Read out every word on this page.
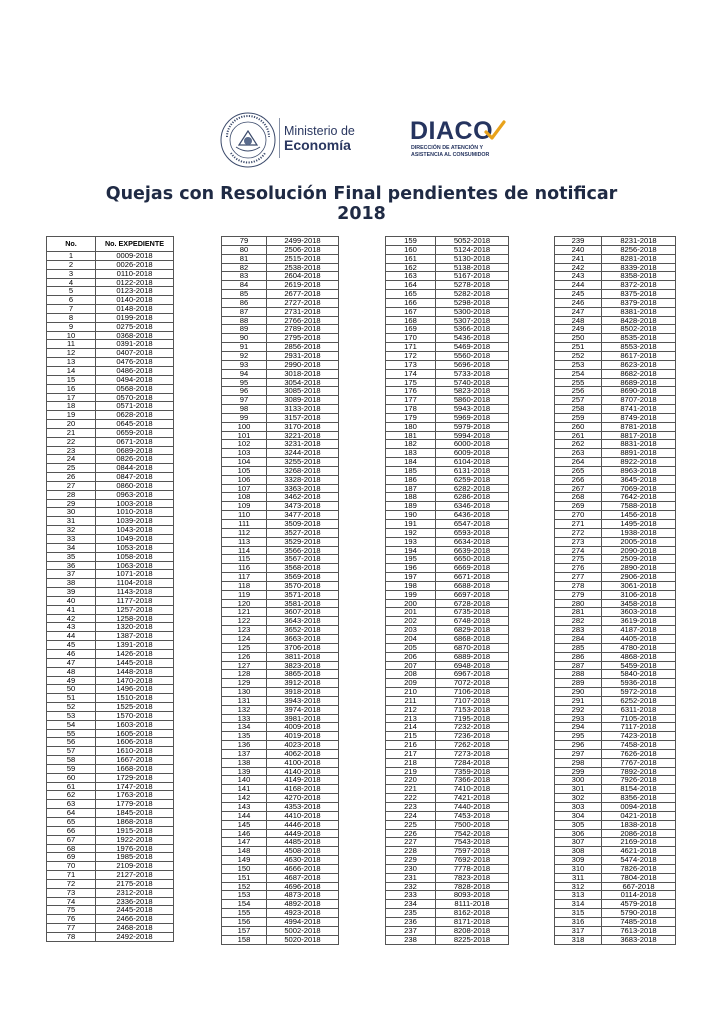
Ministerio de
Economía DIACO
DIRECCIÓN DE ATENCIÓN Y
ASISTENCIA AL CONSUMIDOR
Quejas con Resolución Final pendientes de notificar
2018
No.	No. EXPEDIENTE
1	0009-2018
2	0026-2018
3	0110-2018
4	0122-2018
5	0123-2018
6	0140-2018
7	0148-2018
8	0199-2018
9	0275-2018
10	0368-2018
11	0391-2018
12	0407-2018
13	0476-2018
14	0486-2018
15	0494-2018
16	0568-2018
17	0570-2018
18	0571-2018
19	0628-2018
20	0645-2018
21	0659-2018
22	0671-2018
23	0689-2018
24	0826-2018
25	0844-2018
26	0847-2018
27	0860-2018
28	0963-2018
29	1003-2018
30	1010-2018
31	1039-2018
32	1043-2018
33	1049-2018
34	1053-2018
35	1058-2018
36	1063-2018
37	1071-2018
38	1104-2018
39	1143-2018
40	1177-2018
41	1257-2018
42	1258-2018
43	1320-2018
44	1387-2018
45	1391-2018
46	1426-2018
47	1445-2018
48	1448-2018
49	1470-2018
50	1496-2018
51	1510-2018
52	1525-2018
53	1570-2018
54	1603-2018
55	1605-2018
56	1606-2018
57	1610-2018
58	1667-2018
59	1668-2018
60	1729-2018
61	1747-2018
62	1763-2018
63	1779-2018
64	1845-2018
65	1868-2018
66	1915-2018
67	1922-2018
68	1976-2018
69	1985-2018
70	2109-2018
71	2127-2018
72	2175-2018
73	2312-2018
74	2336-2018
75	2445-2018
76	2466-2018
77	2468-2018
78	2492-2018
79	2499-2018
80	2506-2018
81	2515-2018
82	2538-2018
83	2604-2018
84	2619-2018
85	2677-2018
86	2727-2018
87	2731-2018
88	2766-2018
89	2789-2018
90	2795-2018
91	2856-2018
92	2931-2018
93	2990-2018
94	3018-2018
95	3054-2018
96	3085-2018
97	3089-2018
98	3133-2018
99	3157-2018
100	3170-2018
101	3221-2018
102	3231-2018
103	3244-2018
104	3255-2018
105	3268-2018
106	3328-2018
107	3363-2018
108	3462-2018
109	3473-2018
110	3477-2018
111	3509-2018
112	3527-2018
113	3529-2018
114	3566-2018
115	3567-2018
116	3568-2018
117	3569-2018
118	3570-2018
119	3571-2018
120	3581-2018
121	3607-2018
122	3643-2018
123	3652-2018
124	3663-2018
125	3706-2018
126	3811-2018
127	3823-2018
128	3865-2018
129	3912-2018
130	3918-2018
131	3943-2018
132	3974-2018
133	3981-2018
134	4009-2018
135	4019-2018
136	4023-2018
137	4062-2018
138	4100-2018
139	4140-2018
140	4149-2018
141	4168-2018
142	4270-2018
143	4353-2018
144	4410-2018
145	4446-2018
146	4449-2018
147	4485-2018
148	4508-2018
149	4630-2018
150	4666-2018
151	4687-2018
152	4696-2018
153	4873-2018
154	4892-2018
155	4923-2018
156	4994-2018
157	5002-2018
158	5020-2018
159	5052-2018
160	5124-2018
161	5130-2018
162	5138-2018
163	5167-2018
164	5278-2018
165	5282-2018
166	5298-2018
167	5300-2018
168	5307-2018
169	5366-2018
170	5436-2018
171	5469-2018
172	5560-2018
173	5696-2018
174	5733-2018
175	5740-2018
176	5823-2018
177	5860-2018
178	5943-2018
179	5969-2018
180	5979-2018
181	5994-2018
182	6000-2018
183	6009-2018
184	6104-2018
185	6131-2018
186	6259-2018
187	6282-2018
188	6286-2018
189	6346-2018
190	6436-2018
191	6547-2018
192	6593-2018
193	6634-2018
194	6639-2018
195	6650-2018
196	6669-2018
197	6671-2018
198	6688-2018
199	6697-2018
200	6728-2018
201	6735-2018
202	6748-2018
203	6829-2018
204	6868-2018
205	6870-2018
206	6889-2018
207	6948-2018
208	6967-2018
209	7072-2018
210	7106-2018
211	7107-2018
212	7153-2018
213	7195-2018
214	7232-2018
215	7236-2018
216	7262-2018
217	7273-2018
218	7284-2018
219	7359-2018
220	7366-2018
221	7410-2018
222	7421-2018
223	7440-2018
224	7453-2018
225	7500-2018
226	7542-2018
227	7543-2018
228	7597-2018
229	7692-2018
230	7778-2018
231	7823-2018
232	7828-2018
233	8093-2018
234	8111-2018
235	8162-2018
236	8171-2018
237	8208-2018
238	8225-2018
239	8231-2018
240	8256-2018
241	8281-2018
242	8339-2018
243	8358-2018
244	8372-2018
245	8375-2018
246	8379-2018
247	8381-2018
248	8428-2018
249	8502-2018
250	8535-2018
251	8553-2018
252	8617-2018
253	8623-2018
254	8682-2018
255	8689-2018
256	8690-2018
257	8707-2018
258	8741-2018
259	8749-2018
260	8781-2018
261	8817-2018
262	8831-2018
263	8891-2018
264	8922-2018
265	8963-2018
266	3645-2018
267	7069-2018
268	7642-2018
269	7588-2018
270	1456-2018
271	1495-2018
272	1938-2018
273	2005-2018
274	2090-2018
275	2509-2018
276	2890-2018
277	2906-2018
278	3061-2018
279	3106-2018
280	3458-2018
281	3603-2018
282	3619-2018
283	4187-2018
284	4405-2018
285	4780-2018
286	4868-2018
287	5459-2018
288	5840-2018
289	5936-2018
290	5972-2018
291	6252-2018
292	6311-2018
293	7105-2018
294	7117-2018
295	7423-2018
296	7458-2018
297	7626-2018
298	7767-2018
299	7892-2018
300	7926-2018
301	8154-2018
302	8356-2018
303	0094-2018
304	0421-2018
305	1838-2018
306	2086-2018
307	2169-2018
308	4621-2018
309	5474-2018
310	7826-2018
311	7804-2018
312	667-2018
313	0114-2018
314	4579-2018
315	5790-2018
316	7485-2018
317	7613-2018
318	3683-2018
